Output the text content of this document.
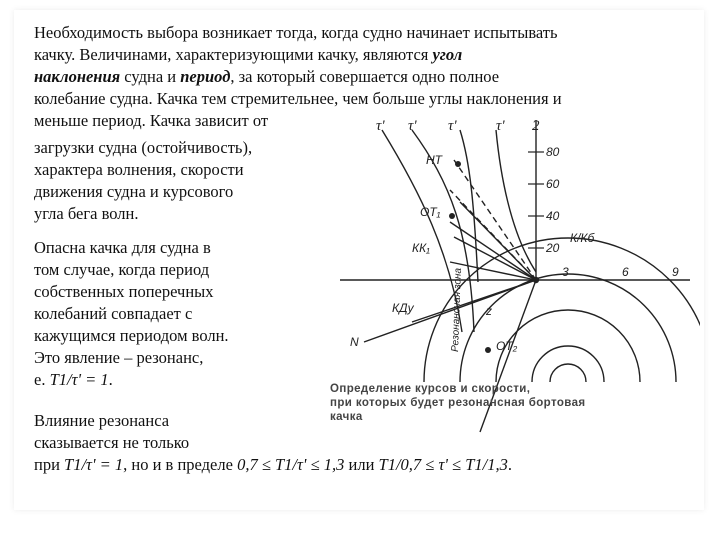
Необходимость выбора возникает тогда, когда судно начинает испытывать
качку. Величинами, характеризующими качку, являются угол
наклонения судна и период, за который совершается одно полное
колебание судна. Качка тем стремительнее, чем больше углы наклонения и
меньше период. Качка зависит от
загрузки судна (остойчивость),
характера волнения, скорости
движения судна и курсового
угла бега волн.
Опасна качка для судна в
том случае, когда период
собственных поперечных
колебаний совпадает с
кажущимся периодом волн.
Это явление – резонанс,
е. T1/τ' = 1.
Влияние резонанса
сказывается не только
при T1/τ' = 1, но и в пределе 0,7 ≤ T1/τ' ≤ 1,3 или T1/0,7 ≤ τ' ≤ T1/1,3.
τ' τ' τ'	τ' 2
80
60
40
20
НТ
ОТ₁
ОТ₂
КК₁
К/Кб
КДу
N
z
3	6	9
Резонансная зона
Определение курсов и скорости,
при которых будет резонансная бортовая
качка
